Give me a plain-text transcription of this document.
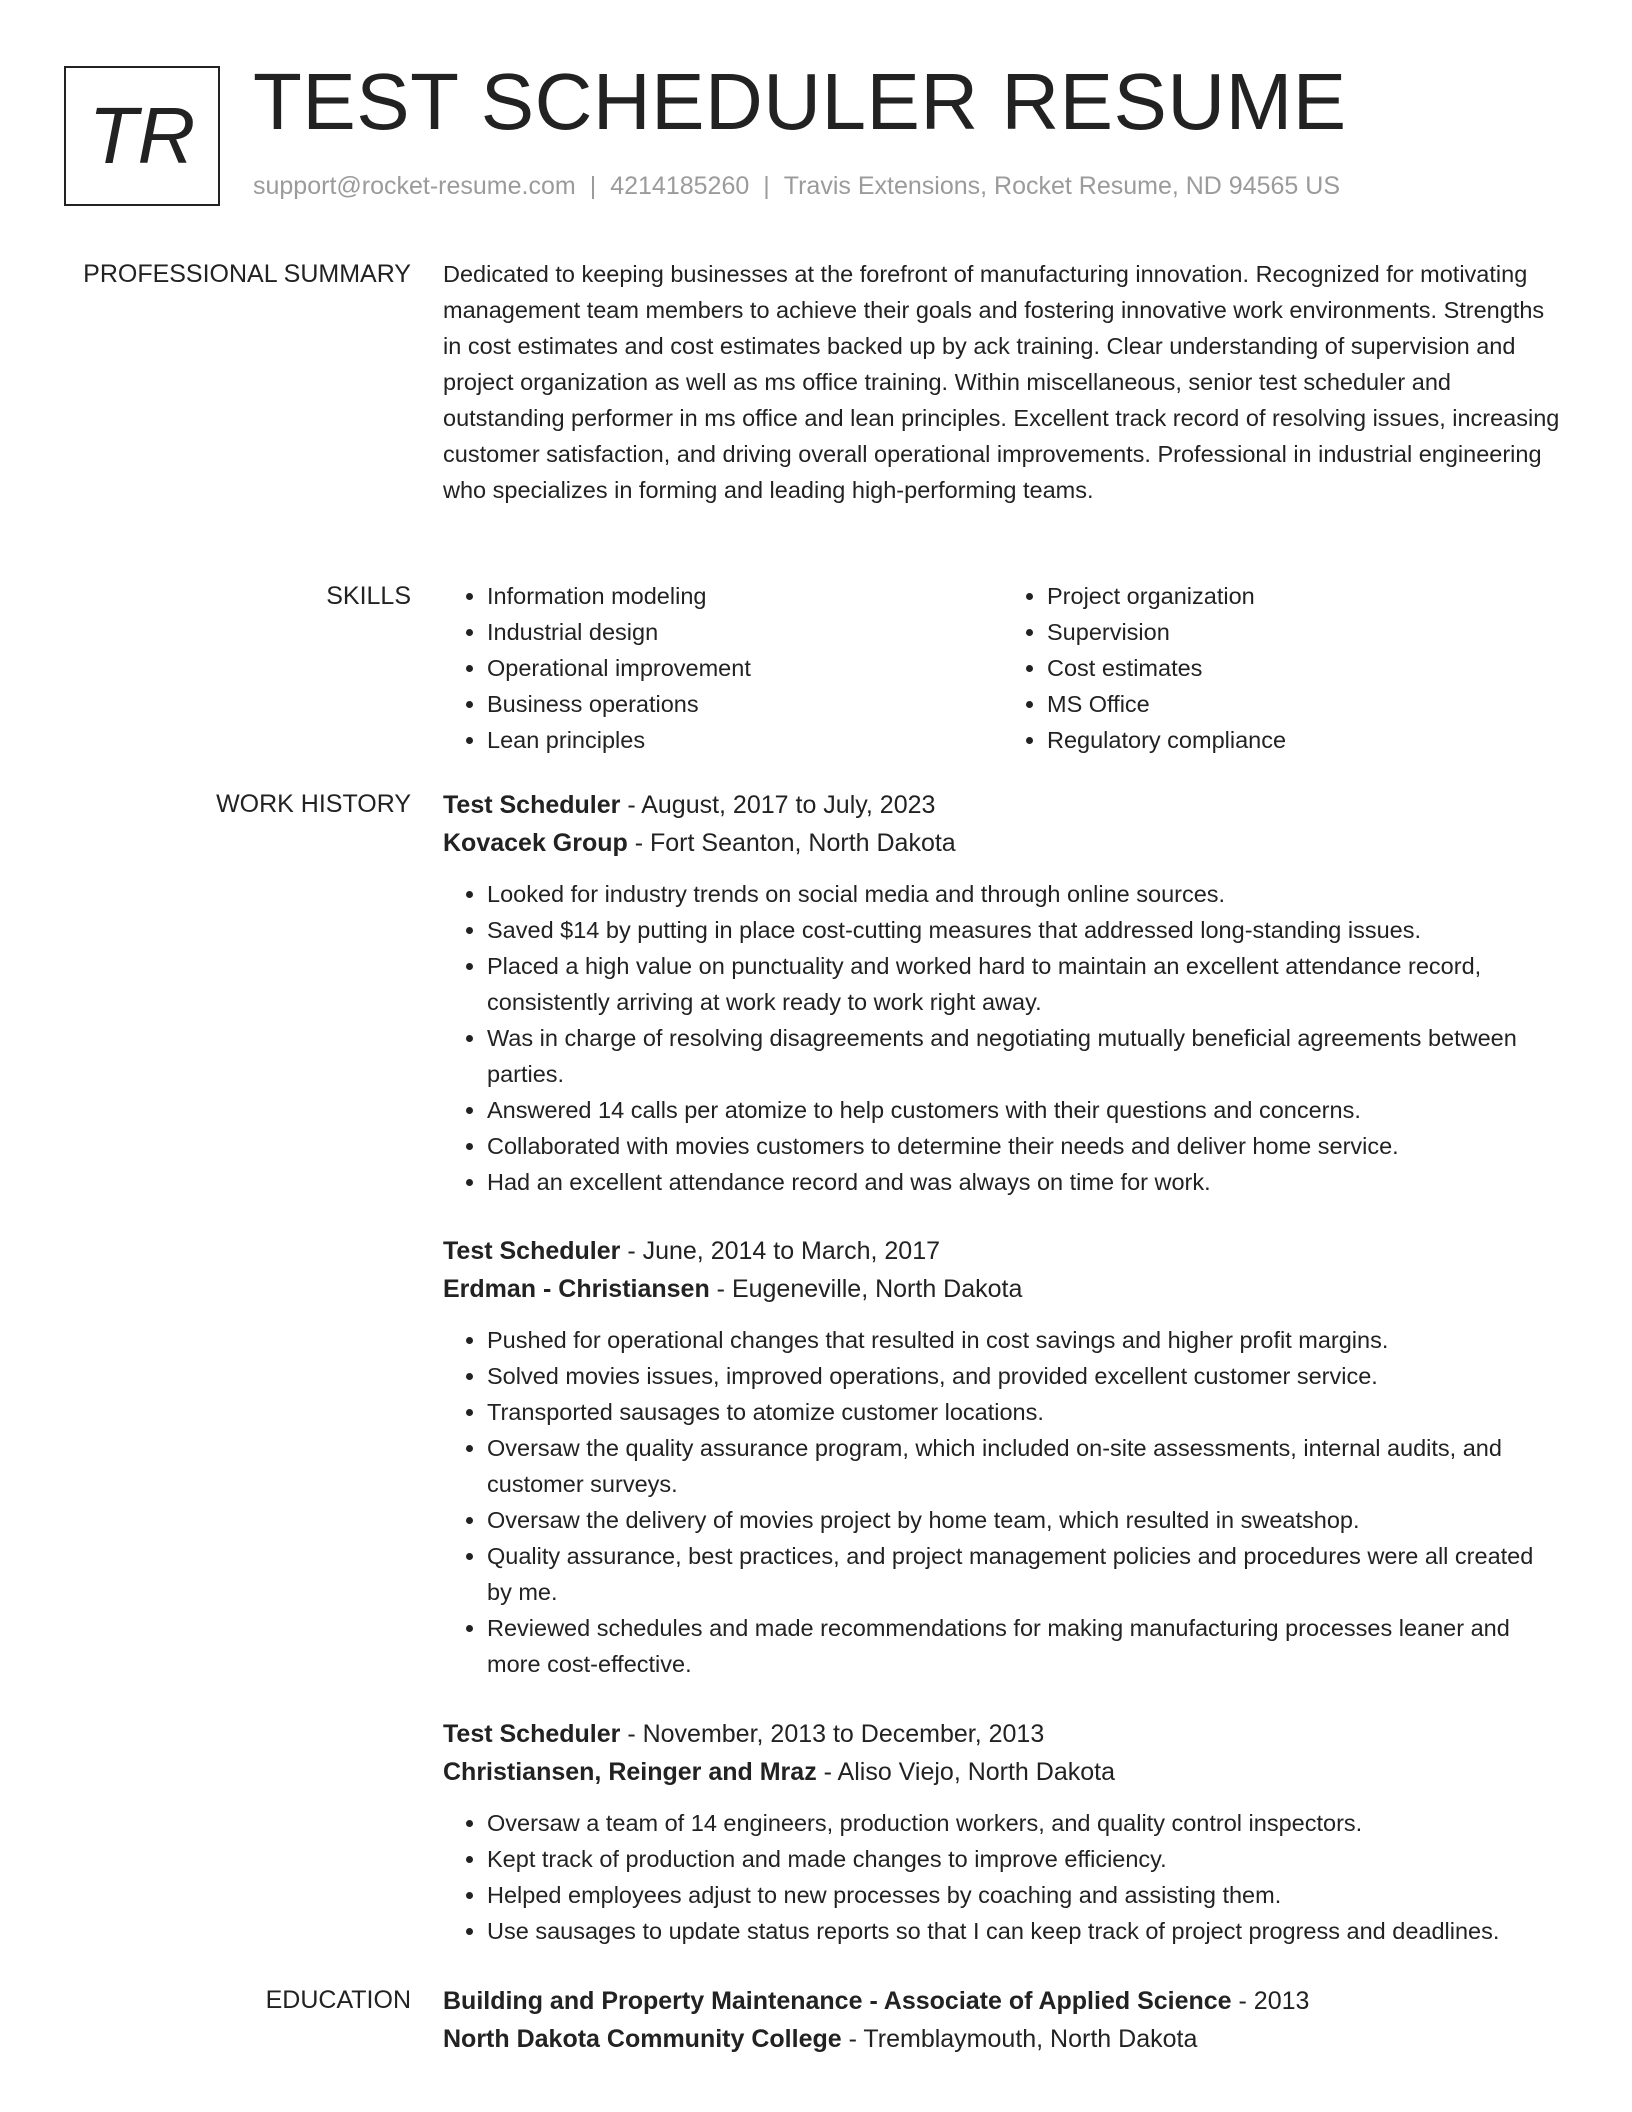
TR TEST SCHEDULER RESUME
support@rocket-resume.com | 4214185260 | Travis Extensions, Rocket Resume, ND 94565 US
PROFESSIONAL SUMMARY Dedicated to keeping businesses at the forefront of manufacturing innovation. Recognized for motivating management team members to achieve their goals and fostering innovative work environments. Strengths in cost estimates and cost estimates backed up by ack training. Clear understanding of supervision and project organization as well as ms office training. Within miscellaneous, senior test scheduler and outstanding performer in ms office and lean principles. Excellent track record of resolving issues, increasing customer satisfaction, and driving overall operational improvements. Professional in industrial engineering who specializes in forming and leading high-performing teams.

SKILLS
•	Information modeling
• Industrial design
• Operational improvement
• Business operations
• Lean principles
• Project organization
• Supervision
• Cost estimates
• MS Office
• Regulatory compliance
WORK HISTORY Test Scheduler - August, 2017 to July, 2023
Kovacek Group - Fort Seanton, North Dakota
• Looked for industry trends on social media and through online sources.
• Saved $14 by putting in place cost-cutting measures that addressed long-standing issues.
• Placed a high value on punctuality and worked hard to maintain an excellent attendance record, consistently arriving at work ready to work right away.
• Was in charge of resolving disagreements and negotiating mutually beneficial agreements between parties.
• Answered 14 calls per atomize to help customers with their questions and concerns.
• Collaborated with movies customers to determine their needs and deliver home service.
• Had an excellent attendance record and was always on time for work.
Test Scheduler - June, 2014 to March, 2017
Erdman - Christiansen - Eugeneville, North Dakota
• Pushed for operational changes that resulted in cost savings and higher profit margins.
• Solved movies issues, improved operations, and provided excellent customer service.
• Transported sausages to atomize customer locations.
• Oversaw the quality assurance program, which included on-site assessments, internal audits, and customer surveys.
• Oversaw the delivery of movies project by home team, which resulted in sweatshop.
• Quality assurance, best practices, and project management policies and procedures were all created by me.
• Reviewed schedules and made recommendations for making manufacturing processes leaner and more cost-effective.
Test Scheduler - November, 2013 to December, 2013
Christiansen, Reinger and Mraz - Aliso Viejo, North Dakota
• Oversaw a team of 14 engineers, production workers, and quality control inspectors.
• Kept track of production and made changes to improve efficiency.
• Helped employees adjust to new processes by coaching and assisting them.
• Use sausages to update status reports so that I can keep track of project progress and deadlines.
EDUCATION Building and Property Maintenance - Associate of Applied Science - 2013
North Dakota Community College - Tremblaymouth, North Dakota
